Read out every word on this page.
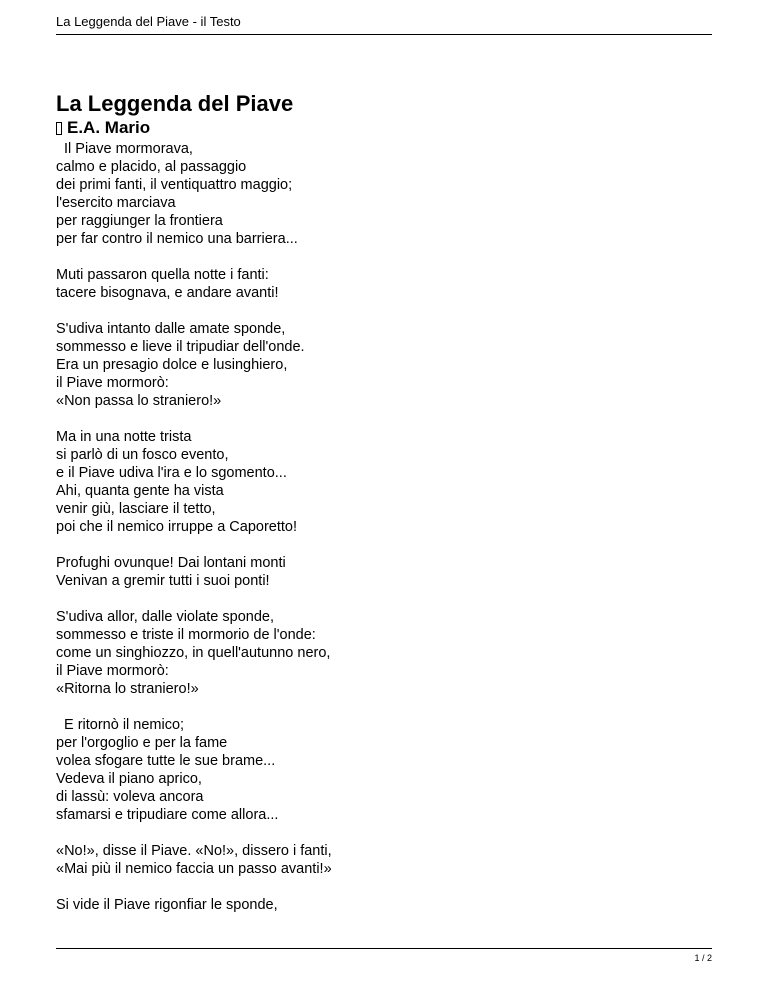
La Leggenda del Piave - il Testo
La Leggenda del Piave
E.A. Mario
Il Piave mormorava,
calmo e placido, al passaggio
dei primi fanti, il ventiquattro maggio;
l'esercito marciava
per raggiunger la frontiera
per far contro il nemico una barriera...
Muti passaron quella notte i fanti:
tacere bisognava, e andare avanti!
S'udiva intanto dalle amate sponde,
sommesso e lieve il tripudiar dell'onde.
Era un presagio dolce e lusinghiero,
il Piave mormorò:
«Non passa lo straniero!»
Ma in una notte trista
si parlò di un fosco evento,
e il Piave udiva l'ira e lo sgomento...
Ahi, quanta gente ha vista
venir giù, lasciare il tetto,
poi che il nemico irruppe a Caporetto!
Profughi ovunque! Dai lontani monti
Venivan a gremir tutti i suoi ponti!
S'udiva allor, dalle violate sponde,
sommesso e triste il mormorio de l'onde:
come un singhiozzo, in quell'autunno nero,
il Piave mormorò:
«Ritorna lo straniero!»
E ritornò il nemico;
per l'orgoglio e per la fame
volea sfogare tutte le sue brame...
Vedeva il piano aprico,
di lassù: voleva ancora
sfamarsi e tripudiare come allora...
«No!», disse il Piave. «No!», dissero i fanti,
«Mai più il nemico faccia un passo avanti!»
Si vide il Piave rigonfiar le sponde,
1 / 2
